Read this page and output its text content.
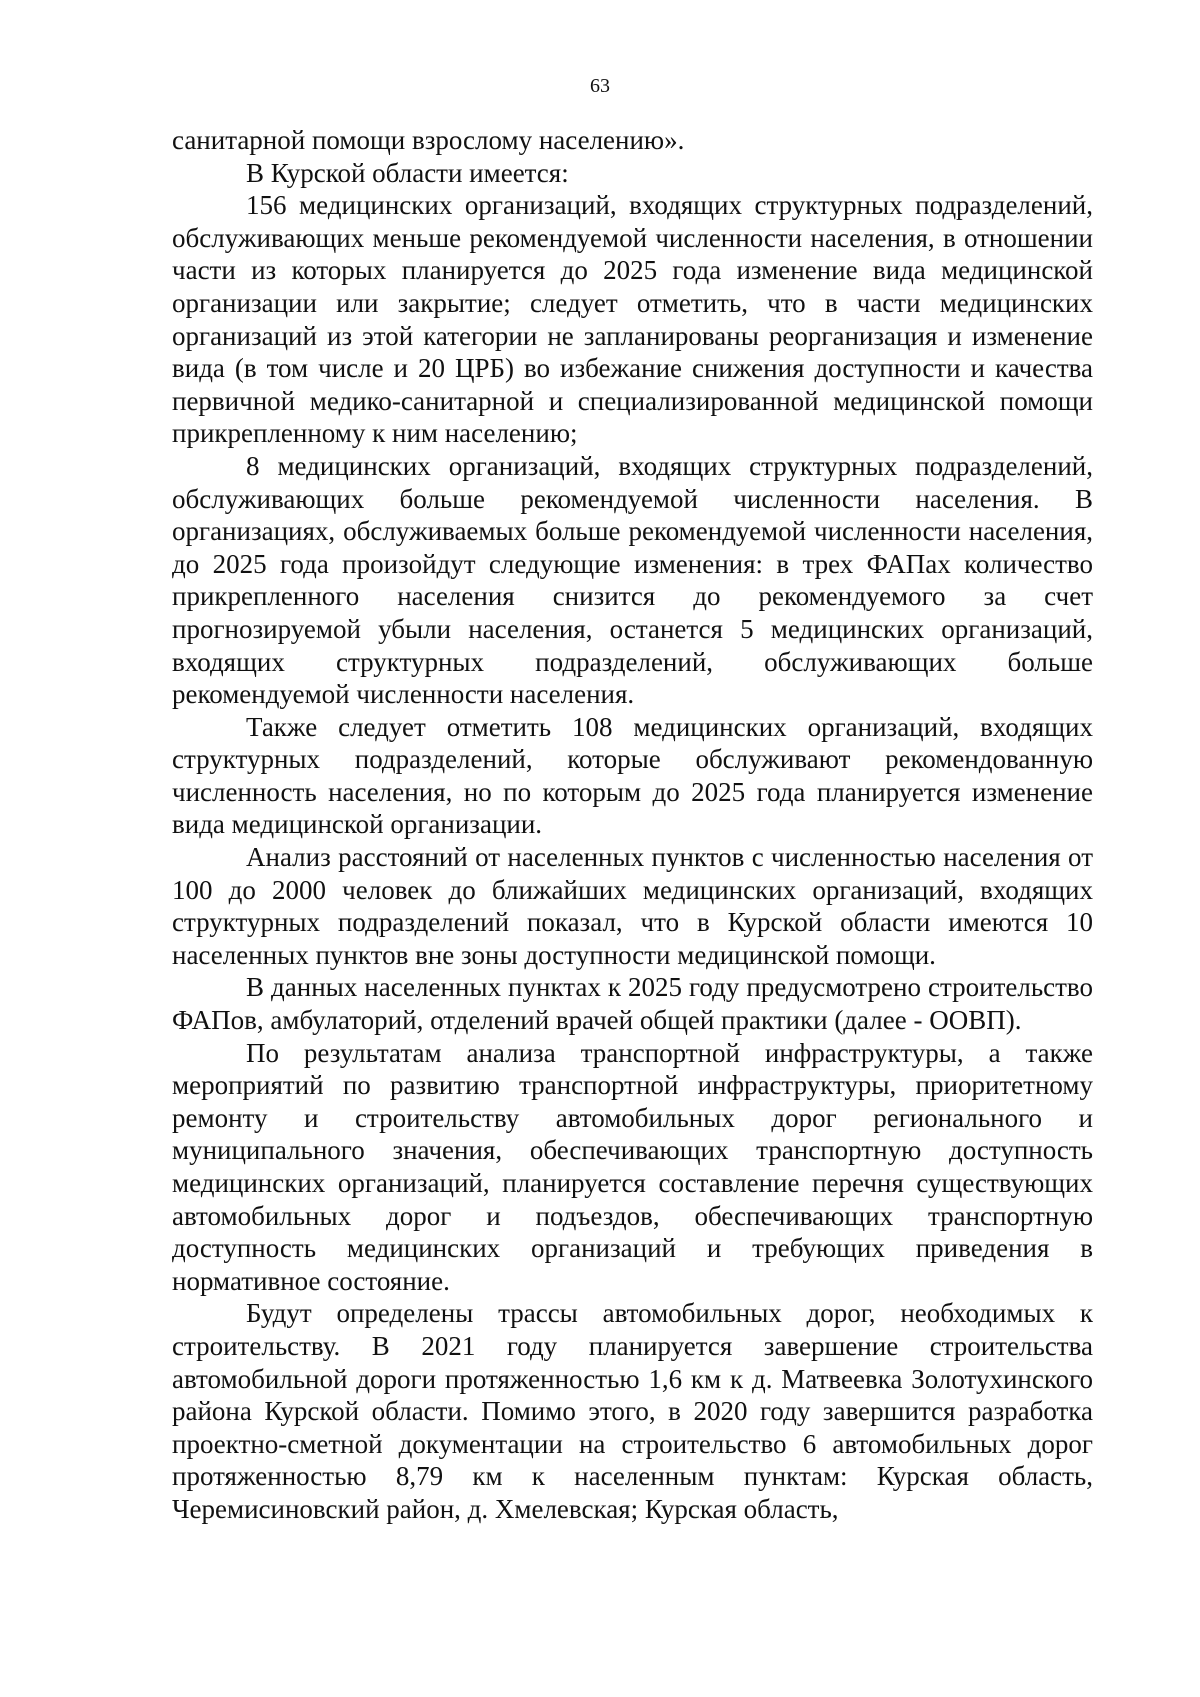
63

санитарной помощи взрослому населению».

В Курской области имеется:

156 медицинских организаций, входящих структурных подразделений, обслуживающих меньше рекомендуемой численности населения, в отношении части из которых планируется до 2025 года изменение вида медицинской организации или закрытие; следует отметить, что в части медицинских организаций из этой категории не запланированы реорганизация и изменение вида (в том числе и 20 ЦРБ) во избежание снижения доступности и качества первичной медико-санитарной и специализированной медицинской помощи прикрепленному к ним населению;

8 медицинских организаций, входящих структурных подразделений, обслуживающих больше рекомендуемой численности населения. В организациях, обслуживаемых больше рекомендуемой численности населения, до 2025 года произойдут следующие изменения: в трех ФАПах количество прикрепленного населения снизится до рекомендуемого за счет прогнозируемой убыли населения, останется 5 медицинских организаций, входящих структурных подразделений, обслуживающих больше рекомендуемой численности населения.

Также следует отметить 108 медицинских организаций, входящих структурных подразделений, которые обслуживают рекомендованную численность населения, но по которым до 2025 года планируется изменение вида медицинской организации.

Анализ расстояний от населенных пунктов с численностью населения от 100 до 2000 человек до ближайших медицинских организаций, входящих структурных подразделений показал, что в Курской области имеются 10 населенных пунктов вне зоны доступности медицинской помощи.

В данных населенных пунктах к 2025 году предусмотрено строительство ФАПов, амбулаторий, отделений врачей общей практики (далее - ООВП).

По результатам анализа транспортной инфраструктуры, а также мероприятий по развитию транспортной инфраструктуры, приоритетному ремонту и строительству автомобильных дорог регионального и муниципального значения, обеспечивающих транспортную доступность медицинских организаций, планируется составление перечня существующих автомобильных дорог и подъездов, обеспечивающих транспортную доступность медицинских организаций и требующих приведения в нормативное состояние.

Будут определены трассы автомобильных дорог, необходимых к строительству. В 2021 году планируется завершение строительства автомобильной дороги протяженностью 1,6 км к д. Матвеевка Золотухинского района Курской области. Помимо этого, в 2020 году завершится разработка проектно-сметной документации на строительство 6 автомобильных дорог протяженностью 8,79 км к населенным пунктам: Курская область, Черемисиновский район, д. Хмелевская; Курская область,
